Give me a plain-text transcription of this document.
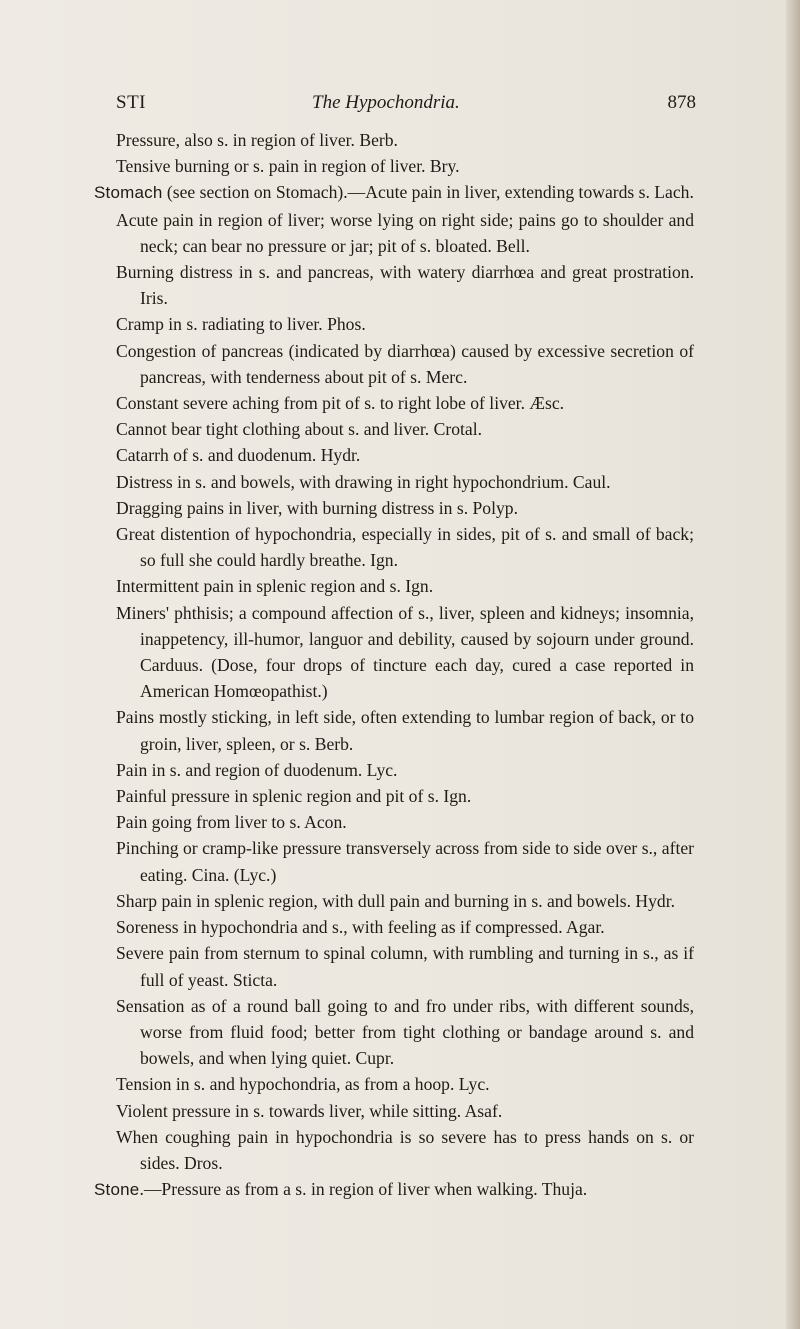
STI	The Hypochondria.	878

Pressure, also s. in region of liver. Berb.

Tensive burning or s. pain in region of liver. Bry.

Stomach (see section on Stomach).—Acute pain in liver, extending towards s. Lach.

Acute pain in region of liver; worse lying on right side; pains go to shoulder and neck; can bear no pressure or jar; pit of s. bloated. Bell.

Burning distress in s. and pancreas, with watery diarrhœa and great prostration. Iris.

Cramp in s. radiating to liver. Phos.

Congestion of pancreas (indicated by diarrhœa) caused by excessive secretion of pancreas, with tenderness about pit of s. Merc.

Constant severe aching from pit of s. to right lobe of liver. Æsc.

Cannot bear tight clothing about s. and liver. Crotal.

Catarrh of s. and duodenum. Hydr.

Distress in s. and bowels, with drawing in right hypochondrium. Caul.

Dragging pains in liver, with burning distress in s. Polyp.

Great distention of hypochondria, especially in sides, pit of s. and small of back; so full she could hardly breathe. Ign.

Intermittent pain in splenic region and s. Ign.

Miners' phthisis; a compound affection of s., liver, spleen and kidneys; insomnia, inappetency, ill-humor, languor and debility, caused by sojourn under ground. Carduus. (Dose, four drops of tincture each day, cured a case reported in American Homœopathist.)

Pains mostly sticking, in left side, often extending to lumbar region of back, or to groin, liver, spleen, or s. Berb.

Pain in s. and region of duodenum. Lyc.

Painful pressure in splenic region and pit of s. Ign.

Pain going from liver to s. Acon.

Pinching or cramp-like pressure transversely across from side to side over s., after eating. Cina. (Lyc.)

Sharp pain in splenic region, with dull pain and burning in s. and bowels. Hydr.

Soreness in hypochondria and s., with feeling as if compressed. Agar.

Severe pain from sternum to spinal column, with rumbling and turning in s., as if full of yeast. Sticta.

Sensation as of a round ball going to and fro under ribs, with different sounds, worse from fluid food; better from tight clothing or bandage around s. and bowels, and when lying quiet. Cupr.

Tension in s. and hypochondria, as from a hoop. Lyc.

Violent pressure in s. towards liver, while sitting. Asaf.

When coughing pain in hypochondria is so severe has to press hands on s. or sides. Dros.

Stone.—Pressure as from a s. in region of liver when walking. Thuja.
